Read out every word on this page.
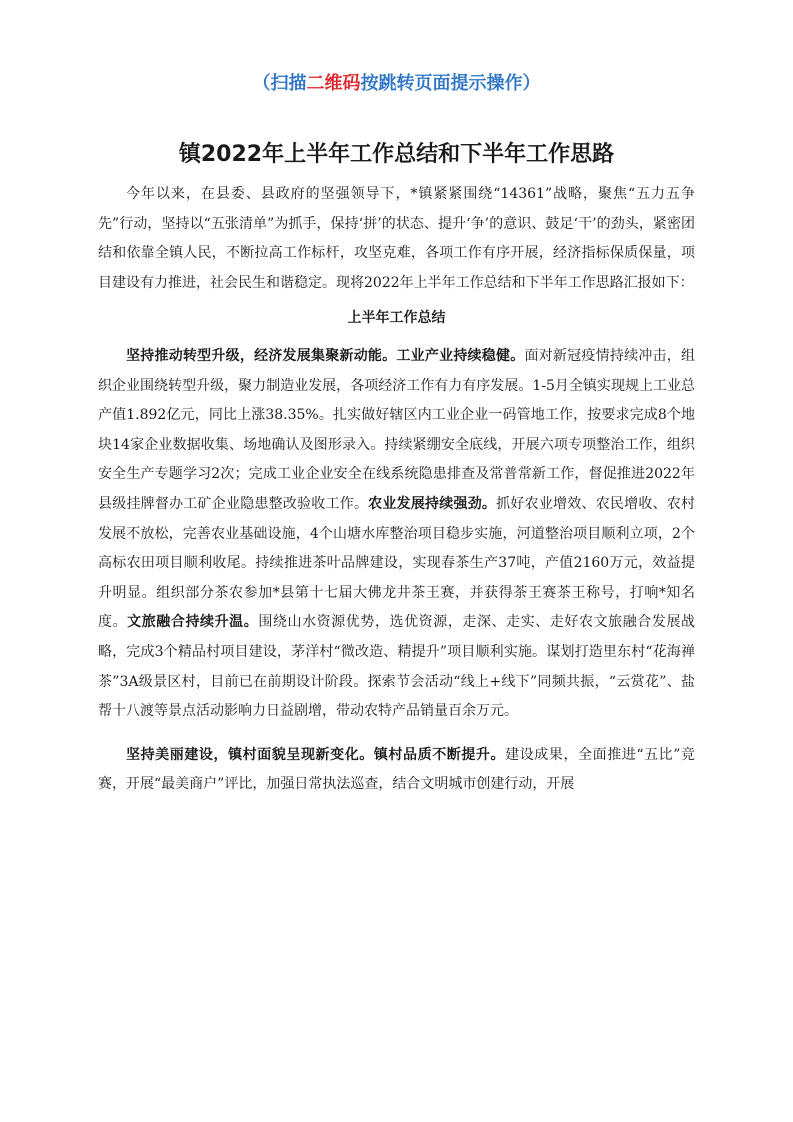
（扫描二维码按跳转页面提示操作）
镇2022年上半年工作总结和下半年工作思路

今年以来，在县委、县政府的坚强领导下，*镇紧紧围绕“14361”战略，聚焦“五力五争先”行动，坚持以“五张清单”为抓手，保持‘拼’的状态、提升‘争’的意识、鼓足‘干’的劲头，紧密团结和依靠全镇人民，不断拉高工作标杆，攻坚克难，各项工作有序开展，经济指标保质保量，项目建设有力推进，社会民生和谐稳定。现将2022年上半年工作总结和下半年工作思路汇报如下：

上半年工作总结

坚持推动转型升级，经济发展集聚新动能。工业产业持续稳健。面对新冠疫情持续冲击，组织企业围绕转型升级，聚力制造业发展，各项经济工作有力有序发展。1-5月全镇实现规上工业总产值1.892亿元，同比上涨38.35%。扎实做好辖区内工业企业一码管地工作，按要求完成8个地块14家企业数据收集、场地确认及图形录入。持续紧绷安全底线，开展六项专项整治工作，组织安全生产专题学习2次；完成工业企业安全在线系统隐患排查及常普常新工作，督促推进2022年县级挂牌督办工矿企业隐患整改验收工作。农业发展持续强劲。抓好农业增效、农民增收、农村发展不放松，完善农业基础设施，4个山塘水库整治项目稳步实施，河道整治项目顺利立项，2个高标农田项目顺利收尾。持续推进茶叶品牌建设，实现春茶生产37吨，产值2160万元，效益提升明显。组织部分茶农参加*县第十七届大佛龙井茶王赛，并获得茶王赛茶王称号，打响*知名度。文旅融合持续升温。围绕山水资源优势，选优资源，走深、走实、走好农文旅融合发展战略，完成3个精品村项目建设，茅洋村“微改造、精提升”项目顺利实施。谋划打造里东村“花海禅茶”3A级景区村，目前已在前期设计阶段。探索节会活动“线上+线下”同频共振，“云赏花”、盐帮十八渡等景点活动影响力日益剧增，带动农特产品销量百余万元。

坚持美丽建设，镇村面貌呈现新变化。镇村品质不断提升。建设成果，全面推进“五比”竞赛，开展“最美商户”评比，加强日常执法巡查，结合文明城市创建行动，开展
